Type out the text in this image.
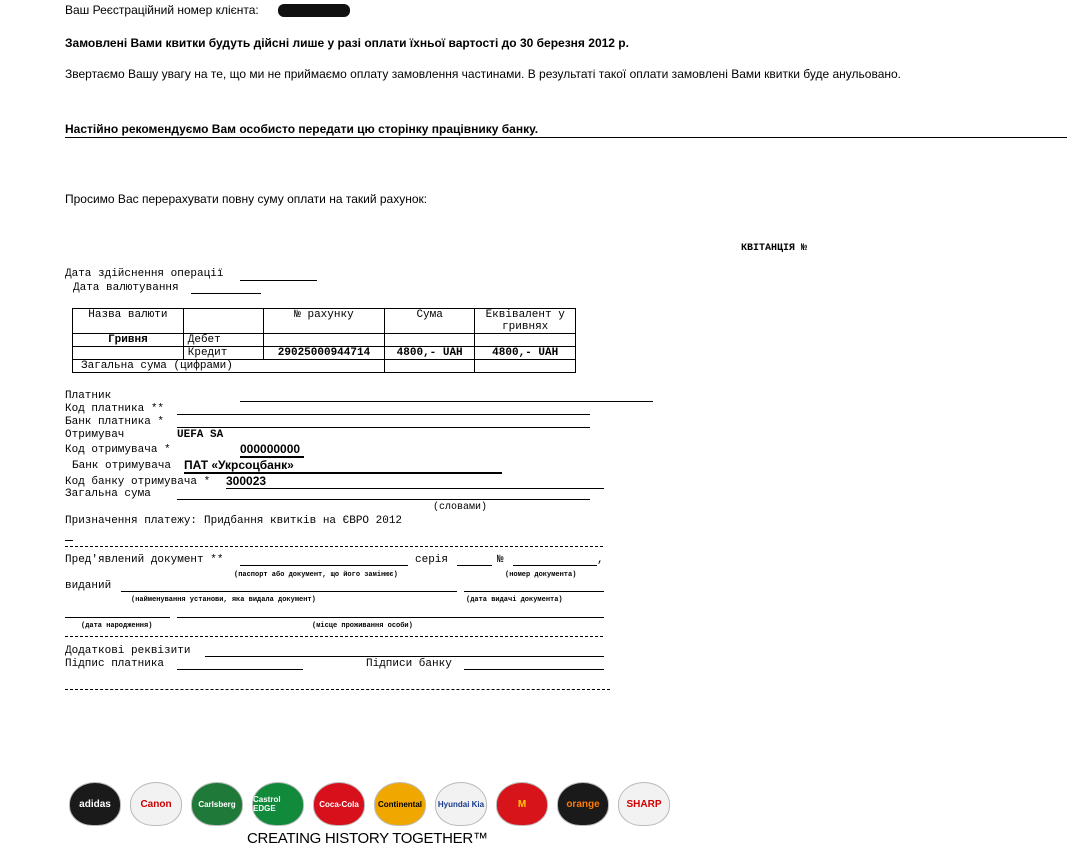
Ваш Реєстраційний номер клієнта:
Замовлені Вами квитки будуть дійсні лише у разі оплати їхньої вартості до 30 березня 2012 р.
Звертаємо Вашу увагу на те, що ми не приймаємо оплату замовлення частинами. В результаті такої оплати замовлені Вами квитки буде анульовано.
Настійно рекомендуємо Вам особисто передати цю сторінку працівнику банку.
Просимо Вас перерахувати повну суму оплати на такий рахунок:
КВІТАНЦІЯ №
Дата здійснення операції
Дата валютування
Назва валюти		№ рахунку	Сума	Еквівалент у гривнях
Гривня	Дебет			
	Кредит	29025000944714	4800,- UAH	4800,- UAH
Загальна сума (цифрами)				
Платник
Код платника **
Банк платника *
Отримувач	UEFA SA
Код отримувача *	000000000
Банк отримувача ПАТ «Укрсоцбанк»
Код банку отримувача * 300023
Загальна сума
(словами)
Призначення платежу: Придбання квитків на ЄВРО 2012
Пред'явлений документ **	серія	№	,
(паспорт або документ, що його замінює)	(номер документа)
виданий
(найменування установи, яка видала документ)	(дата видачі документа)
(дата народження)	(місце проживання особи)
Додаткові реквізити
Підпис платника	Підписи банку
adidas	Canon	Carlsberg	Castrol EDGE	Coca-Cola	Continental	Hyundai Kia	M	orange	SHARP
CREATING HISTORY TOGETHER™
